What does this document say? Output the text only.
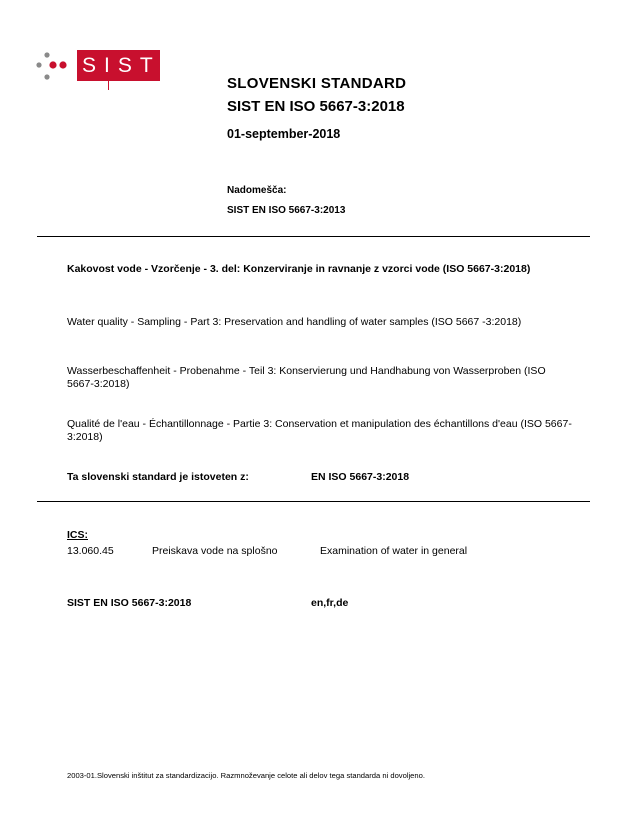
SIST
SLOVENSKI STANDARD
SIST EN ISO 5667-3:2018
01-september-2018
Nadomešča:
SIST EN ISO 5667-3:2013
Kakovost vode - Vzorčenje - 3. del: Konzerviranje in ravnanje z vzorci vode (ISO 5667-3:2018)
Water quality - Sampling - Part 3: Preservation and handling of water samples (ISO 5667 -3:2018)
Wasserbeschaffenheit - Probenahme - Teil 3: Konservierung und Handhabung von Wasserproben (ISO 5667-3:2018)
Qualité de l'eau - Échantillonnage - Partie 3: Conservation et manipulation des échantillons d'eau (ISO 5667-3:2018)
Ta slovenski standard je istoveten z:	EN ISO 5667-3:2018
ICS:
13.060.45	Preiskava vode na splošno	Examination of water in general
SIST EN ISO 5667-3:2018	en,fr,de
2003-01.Slovenski inštitut za standardizacijo. Razmnoževanje celote ali delov tega standarda ni dovoljeno.
